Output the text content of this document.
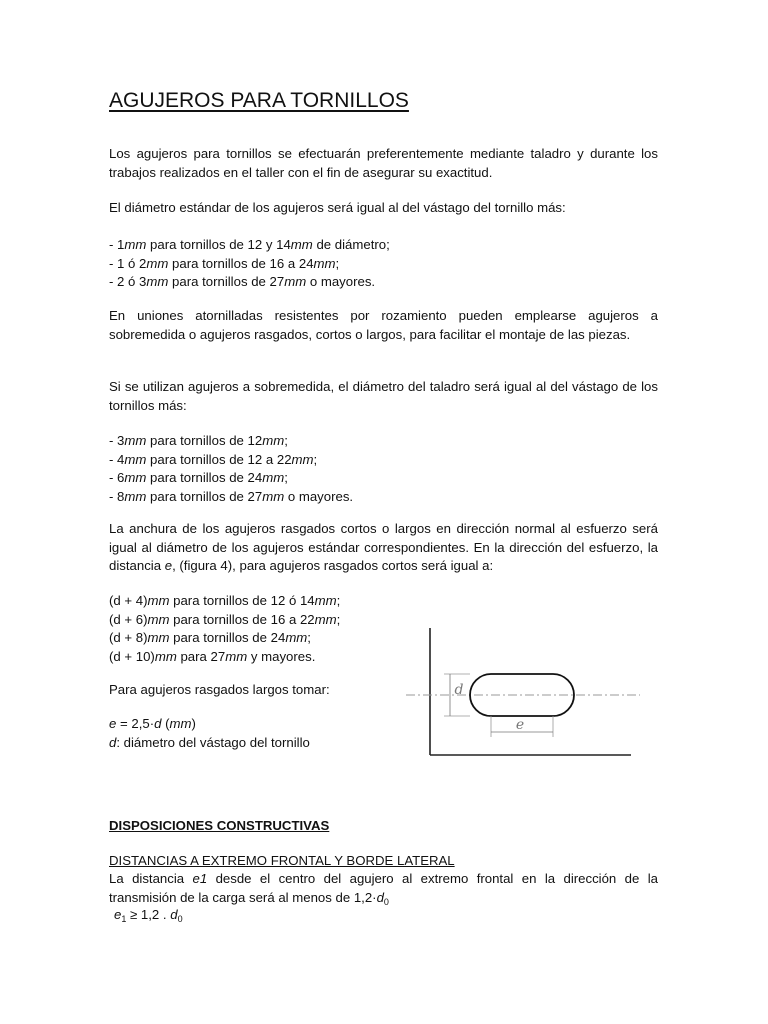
AGUJEROS PARA TORNILLOS

Los agujeros para tornillos se efectuarán preferentemente mediante taladro y durante los trabajos realizados en el taller con el fin de asegurar su exactitud.

El diámetro estándar de los agujeros será igual al del vástago del tornillo más:

- 1mm para tornillos de 12 y 14mm de diámetro;
- 1 ó 2mm para tornillos de 16 a 24mm;
- 2 ó 3mm para tornillos de 27mm o mayores.

En uniones atornilladas resistentes por rozamiento pueden emplearse agujeros a sobremedida o agujeros rasgados, cortos o largos, para facilitar el montaje de las piezas.

Si se utilizan agujeros a sobremedida, el diámetro del taladro será igual al del vástago de los tornillos más:

- 3mm para tornillos de 12mm;
- 4mm para tornillos de 12 a 22mm;
- 6mm para tornillos de 24mm;
- 8mm para tornillos de 27mm o mayores.

La anchura de los agujeros rasgados cortos o largos en dirección normal al esfuerzo será igual al diámetro de los agujeros estándar correspondientes. En la dirección del esfuerzo, la distancia e, (figura 4), para agujeros rasgados cortos será igual a:

(d + 4)mm para tornillos de 12 ó 14mm;
(d + 6)mm para tornillos de 16 a 22mm;
(d + 8)mm para tornillos de 24mm;
(d + 10)mm para 27mm y mayores.

Para agujeros rasgados largos tomar:

e = 2,5·d (mm)
d: diámetro del vástago del tornillo
DISPOSICIONES CONSTRUCTIVAS
DISTANCIAS A EXTREMO FRONTAL Y BORDE LATERAL

La distancia e1 desde el centro del agujero al extremo frontal en la dirección de la transmisión de la carga será al menos de $1,2\cdot d_0$

$e_1 \ge 1,2$ . $d_0$
d
e
